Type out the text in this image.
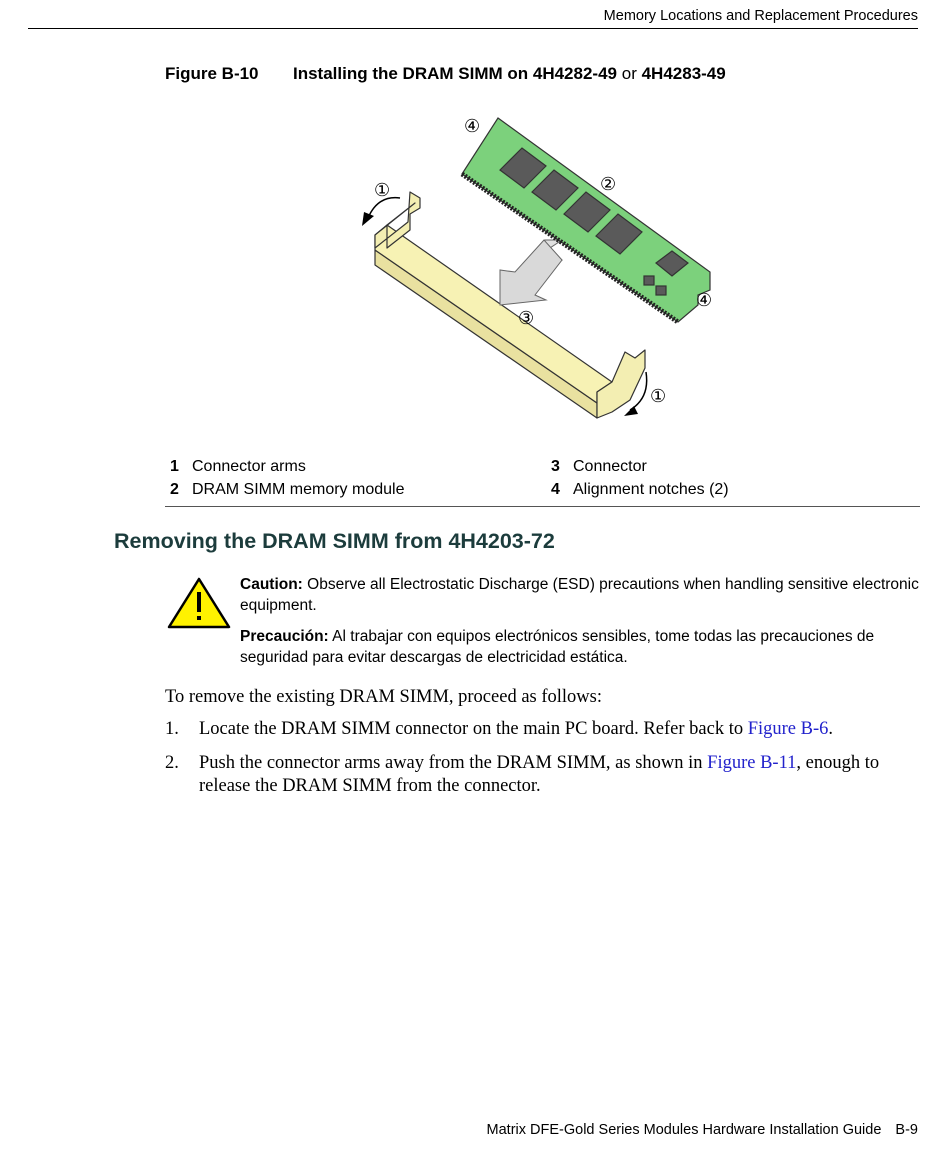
Memory Locations and Replacement Procedures
Figure B-10 Installing the DRAM SIMM on 4H4282-49 or 4H4283-49
①
④
②
③
④
①
1 Connector arms
2 DRAM SIMM memory module
3 Connector
4 Alignment notches (2)
Removing the DRAM SIMM from 4H4203-72
Caution: Observe all Electrostatic Discharge (ESD) precautions when handling sensitive electronic equipment.
Precaución: Al trabajar con equipos electrónicos sensibles, tome todas las precauciones de seguridad para evitar descargas de electricidad estática.
To remove the existing DRAM SIMM, proceed as follows:
1. Locate the DRAM SIMM connector on the main PC board. Refer back to Figure B-6.
2. Push the connector arms away from the DRAM SIMM, as shown in Figure B-11, enough to release the DRAM SIMM from the connector.
Matrix DFE-Gold Series Modules Hardware Installation Guide B-9
